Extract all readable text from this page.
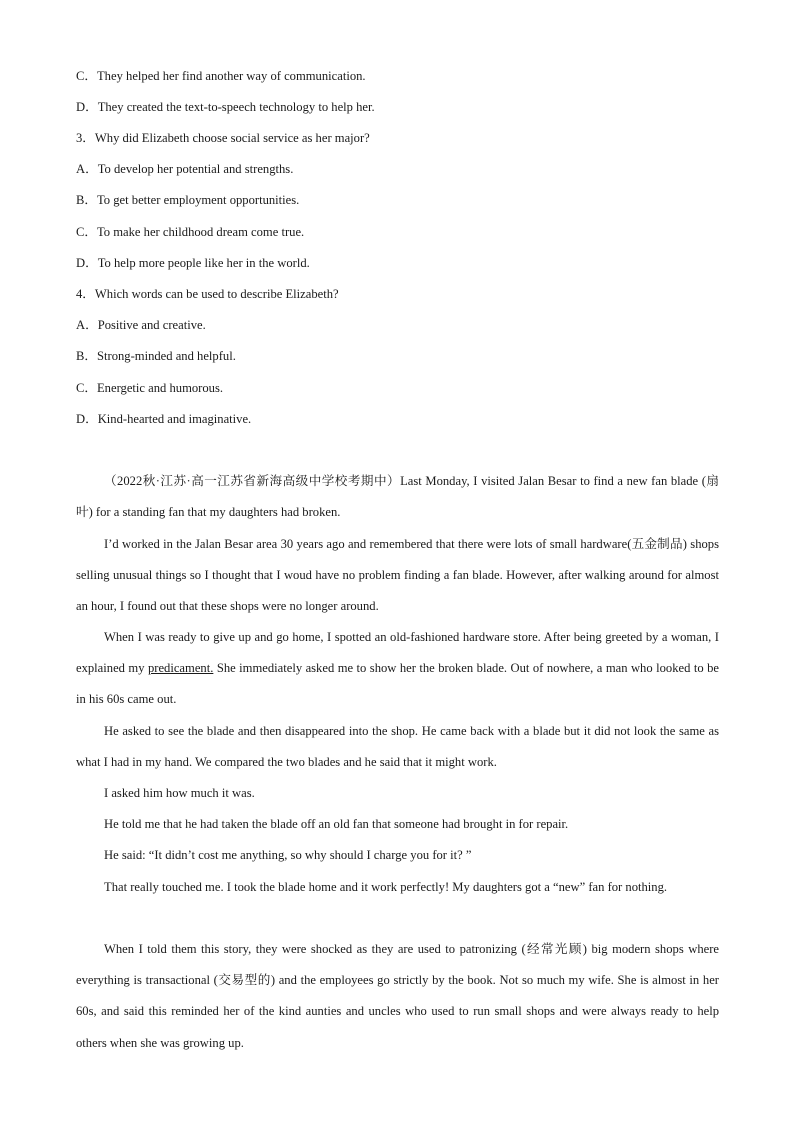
C．They helped her find another way of communication.
D．They created the text-to-speech technology to help her.
3．Why did Elizabeth choose social service as her major?
A．To develop her potential and strengths.
B．To get better employment opportunities.
C．To make her childhood dream come true.
D．To help more people like her in the world.
4．Which words can be used to describe Elizabeth?
A．Positive and creative.
B．Strong-minded and helpful.
C．Energetic and humorous.
D．Kind-hearted and imaginative.

（2022秋·江苏·高一江苏省新海高级中学校考期中）Last Monday, I visited Jalan Besar to find a new fan blade (扇叶) for a standing fan that my daughters had broken.

I’d worked in the Jalan Besar area 30 years ago and remembered that there were lots of small hardware(五金制品) shops selling unusual things so I thought that I woud have no problem finding a fan blade. However, after walking around for almost an hour, I found out that these shops were no longer around.

When I was ready to give up and go home, I spotted an old-fashioned hardware store. After being greeted by a woman, I explained my predicament. She immediately asked me to show her the broken blade. Out of nowhere, a man who looked to be in his 60s came out.

He asked to see the blade and then disappeared into the shop. He came back with a blade but it did not look the same as what I had in my hand. We compared the two blades and he said that it might work.

I asked him how much it was.

He told me that he had taken the blade off an old fan that someone had brought in for repair.

He said: “It didn’t cost me anything, so why should I charge you for it? ”

That really touched me. I took the blade home and it work perfectly! My daughters got a “new” fan for nothing.

When I told them this story, they were shocked as they are used to patronizing (经常光顾) big modern shops where everything is transactional (交易型的) and the employees go strictly by the book. Not so much my wife. She is almost in her 60s, and said this reminded her of the kind aunties and uncles who used to run small shops and were always ready to help others when she was growing up.
